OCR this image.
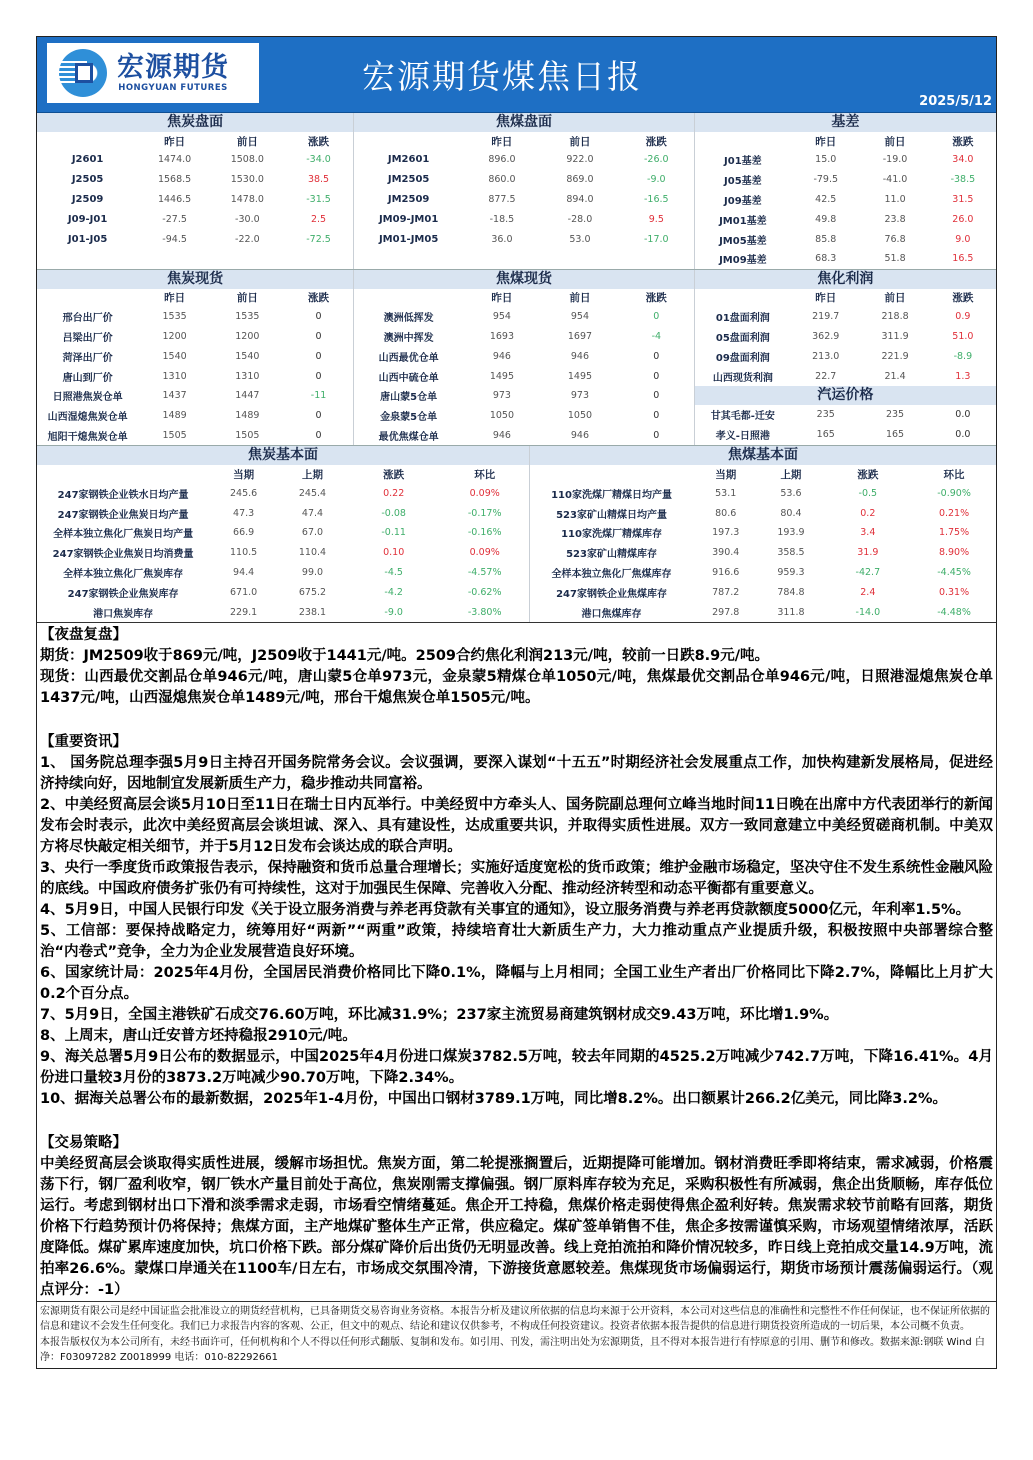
宏源期货
HONGYUAN FUTURES	宏源期货煤焦日报
2025/5/12
焦炭盘面
	昨日	前日	涨跌
J2601	1474.0	1508.0	-34.0
J2505	1568.5	1530.0	38.5
J2509	1446.5	1478.0	-31.5
J09-J01	-27.5	-30.0	2.5
J01-J05	-94.5	-22.0	-72.5

焦煤盘面
	昨日	前日	涨跌
JM2601	896.0	922.0	-26.0
JM2505	860.0	869.0	-9.0
JM2509	877.5	894.0	-16.5
JM09-JM01	-18.5	-28.0	9.5
JM01-JM05	36.0	53.0	-17.0

基差
	昨日	前日	涨跌
J01基差	15.0	-19.0	34.0
J05基差	-79.5	-41.0	-38.5
J09基差	42.5	11.0	31.5
JM01基差	49.8	23.8	26.0
JM05基差	85.8	76.8	9.0
JM09基差	68.3	51.8	16.5
焦炭现货
	昨日	前日	涨跌
邢台出厂价	1535	1535	0
吕梁出厂价	1200	1200	0
菏泽出厂价	1540	1540	0
唐山到厂价	1310	1310	0
日照港焦炭仓单	1437	1447	-11
山西湿熄焦炭仓单	1489	1489	0
旭阳干熄焦炭仓单	1505	1505	0
焦煤现货
	昨日	前日	涨跌
澳洲低挥发	954	954	0
澳洲中挥发	1693	1697	-4
山西最优仓单	946	946	0
山西中硫仓单	1495	1495	0
唐山蒙5仓单	973	973	0
金泉蒙5仓单	1050	1050	0
最优焦煤仓单	946	946	0
焦化利润
	昨日	前日	涨跌
01盘面利润	219.7	218.8	0.9
05盘面利润	362.9	311.9	51.0
09盘面利润	213.0	221.9	-8.9
山西现货利润	22.7	21.4	1.3
汽运价格
甘其毛都-迁安	235	235	0.0
孝义-日照港	165	165	0.0
焦炭基本面
	当期	上期	涨跌	环比
247家钢铁企业铁水日均产量	245.6	245.4	0.22	0.09%
247家钢铁企业焦炭日均产量	47.3	47.4	-0.08	-0.17%
全样本独立焦化厂焦炭日均产量	66.9	67.0	-0.11	-0.16%
247家钢铁企业焦炭日均消费量	110.5	110.4	0.10	0.09%
全样本独立焦化厂焦炭库存	94.4	99.0	-4.5	-4.57%
247家钢铁企业焦炭库存	671.0	675.2	-4.2	-0.62%
港口焦炭库存	229.1	238.1	-9.0	-3.80%
焦煤基本面
	当期	上期	涨跌	环比
110家洗煤厂精煤日均产量	53.1	53.6	-0.5	-0.90%
523家矿山精煤日均产量	80.6	80.4	0.2	0.21%
110家洗煤厂精煤库存	197.3	193.9	3.4	1.75%
523家矿山精煤库存	390.4	358.5	31.9	8.90%
全样本独立焦化厂焦煤库存	916.6	959.3	-42.7	-4.45%
247家钢铁企业焦煤库存	787.2	784.8	2.4	0.31%
港口焦煤库存	297.8	311.8	-14.0	-4.48%
【夜盘复盘】

期货：JM2509收于869元/吨，J2509收于1441元/吨。2509合约焦化利润213元/吨，较前一日跌8.9元/吨。

现货：山西最优交割品仓单946元/吨，唐山蒙5仓单973元，金泉蒙5精煤仓单1050元/吨，焦煤最优交割品仓单946元/吨，日照港湿熄焦炭仓单1437元/吨，山西湿熄焦炭仓单1489元/吨，邢台干熄焦炭仓单1505元/吨。

【重要资讯】

1、 国务院总理李强5月9日主持召开国务院常务会议。会议强调，要深入谋划“十五五”时期经济社会发展重点工作，加快构建新发展格局，促进经济持续向好，因地制宜发展新质生产力，稳步推动共同富裕。

2、中美经贸高层会谈5月10日至11日在瑞士日内瓦举行。中美经贸中方牵头人、国务院副总理何立峰当地时间11日晚在出席中方代表团举行的新闻发布会时表示，此次中美经贸高层会谈坦诚、深入、具有建设性，达成重要共识，并取得实质性进展。双方一致同意建立中美经贸磋商机制。中美双方将尽快敲定相关细节，并于5月12日发布会谈达成的联合声明。

3、央行一季度货币政策报告表示，保持融资和货币总量合理增长；实施好适度宽松的货币政策；维护金融市场稳定，坚决守住不发生系统性金融风险的底线。中国政府债务扩张仍有可持续性，这对于加强民生保障、完善收入分配、推动经济转型和动态平衡都有重要意义。

4、5月9日，中国人民银行印发《关于设立服务消费与养老再贷款有关事宜的通知》，设立服务消费与养老再贷款额度5000亿元，年利率1.5%。

5、工信部：要保持战略定力，统筹用好“两新”“两重”政策，持续培育壮大新质生产力，大力推动重点产业提质升级，积极按照中央部署综合整治“内卷式”竞争，全力为企业发展营造良好环境。

6、国家统计局：2025年4月份，全国居民消费价格同比下降0.1%，降幅与上月相同；全国工业生产者出厂价格同比下降2.7%，降幅比上月扩大0.2个百分点。

7、5月9日，全国主港铁矿石成交76.60万吨，环比减31.9%；237家主流贸易商建筑钢材成交9.43万吨，环比增1.9%。

8、上周末，唐山迁安普方坯持稳报2910元/吨。

9、海关总署5月9日公布的数据显示，中国2025年4月份进口煤炭3782.5万吨，较去年同期的4525.2万吨减少742.7万吨，下降16.41%。4月份进口量较3月份的3873.2万吨减少90.70万吨，下降2.34%。

10、据海关总署公布的最新数据，2025年1-4月份，中国出口钢材3789.1万吨，同比增8.2%。出口额累计266.2亿美元，同比降3.2%。

【交易策略】

中美经贸高层会谈取得实质性进展，缓解市场担忧。焦炭方面，第二轮提涨搁置后，近期提降可能增加。钢材消费旺季即将结束，需求减弱，价格震荡下行，钢厂盈利收窄，钢厂铁水产量目前处于高位，焦炭刚需支撑偏强。钢厂原料库存较为充足，采购积极性有所减弱，焦企出货顺畅，库存低位运行。考虑到钢材出口下滑和淡季需求走弱，市场看空情绪蔓延。焦企开工持稳，焦煤价格走弱使得焦企盈利好转。焦炭需求较节前略有回落，期货价格下行趋势预计仍将保持；焦煤方面，主产地煤矿整体生产正常，供应稳定。煤矿签单销售不佳，焦企多按需谨慎采购，市场观望情绪浓厚，活跃度降低。煤矿累库速度加快，坑口价格下跌。部分煤矿降价后出货仍无明显改善。线上竞拍流拍和降价情况较多，昨日线上竞拍成交量14.9万吨，流拍率26.6%。蒙煤口岸通关在1100车/日左右，市场成交氛围冷清，下游接货意愿较差。焦煤现货市场偏弱运行，期货市场预计震荡偏弱运行。（观点评分：-1）

宏源期货有限公司是经中国证监会批准设立的期货经营机构，已具备期货交易咨询业务资格。本报告分析及建议所依据的信息均来源于公开资料，本公司对这些信息的准确性和完整性不作任何保证，也不保证所依据的信息和建议不会发生任何变化。我们已力求报告内容的客观、公正，但文中的观点、结论和建议仅供参考，不构成任何投资建议。投资者依据本报告提供的信息进行期货投资所造成的一切后果，本公司概不负责。
本报告版权仅为本公司所有，未经书面许可，任何机构和个人不得以任何形式翻版、复制和发布。如引用、刊发，需注明出处为宏源期货，且不得对本报告进行有悖原意的引用、删节和修改。数据来源:钢联 Wind 白净：F03097282 Z0018999 电话：010-82292661
